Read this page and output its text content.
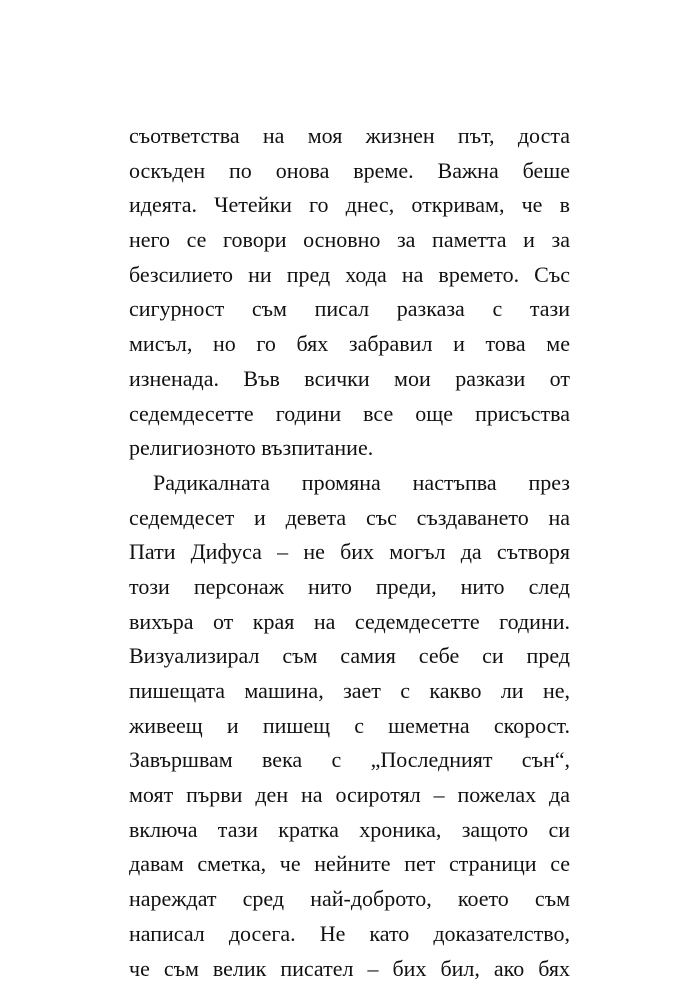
съответства на моя жизнен път, доста
оскъден по онова време. Важна беше
идеята. Четейки го днес, откривам, че в
него се говори основно за паметта и за
безсилието ни пред хода на времето. Със
сигурност съм писал разказа с тази
мисъл, но го бях забравил и това ме
изненада. Във всички мои разкази от
седемдесетте години все още присъства
религиозното възпитание.
Радикалната промяна настъпва през
седемдесет и девета със създаването на
Пати Дифуса – не бих могъл да сътворя
този персонаж нито преди, нито след
вихъра от края на седемдесетте години.
Визуализирал съм самия себе си пред
пишещата машина, зает с какво ли не,
живеещ и пишещ с шеметна скорост.
Завършвам века с „Последният сън“,
моят първи ден на осиротял – пожелах да
включа тази кратка хроника, защото си
давам сметка, че нейните пет страници се
нареждат сред най-доброто, което съм
написал досега. Не като доказателство,
че съм велик писател – бих бил, ако бях
